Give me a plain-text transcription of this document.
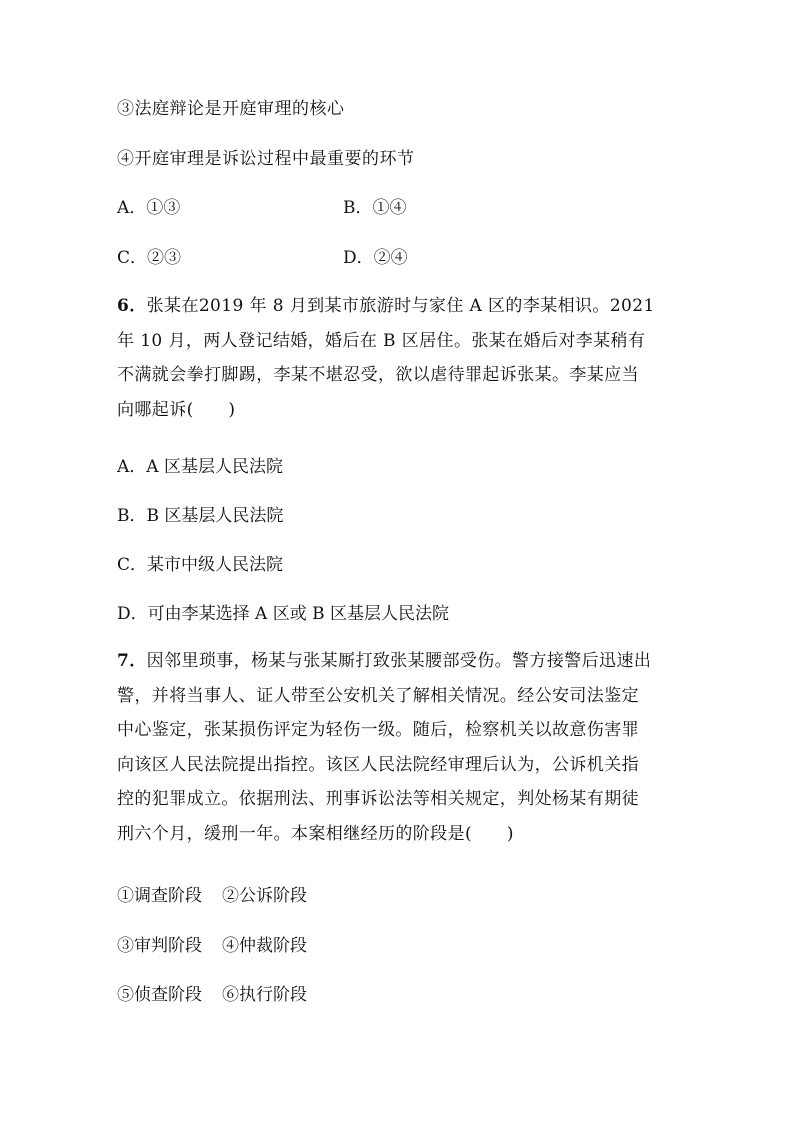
③法庭辩论是开庭审理的核心
④开庭审理是诉讼过程中最重要的环节
A．①③	B．①④
C．②③	D．②④
6．张某在2019 年 8 月到某市旅游时与家住 A 区的李某相识。2021
年 10 月，两人登记结婚，婚后在 B 区居住。张某在婚后对李某稍有
不满就会拳打脚踢，李某不堪忍受，欲以虐待罪起诉张某。李某应当
向哪起诉(　　)
A．A 区基层人民法院
B．B 区基层人民法院
C．某市中级人民法院
D．可由李某选择 A 区或 B 区基层人民法院
7．因邻里琐事，杨某与张某厮打致张某腰部受伤。警方接警后迅速出
警，并将当事人、证人带至公安机关了解相关情况。经公安司法鉴定
中心鉴定，张某损伤评定为轻伤一级。随后，检察机关以故意伤害罪
向该区人民法院提出指控。该区人民法院经审理后认为，公诉机关指
控的犯罪成立。依据刑法、刑事诉讼法等相关规定，判处杨某有期徒
刑六个月，缓刑一年。本案相继经历的阶段是(　　)
①调查阶段 ②公诉阶段
③审判阶段 ④仲裁阶段
⑤侦查阶段 ⑥执行阶段
